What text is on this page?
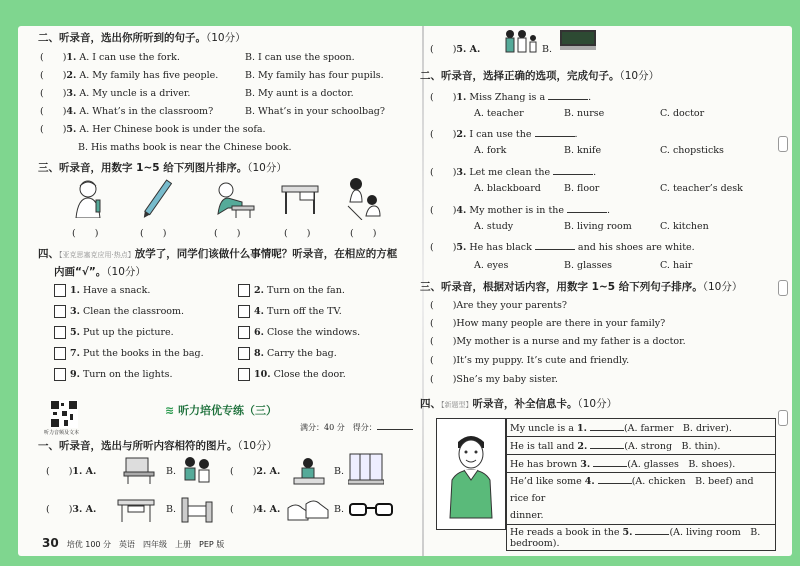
二、听录音，选出你所听到的句子。（10分）
(　　)1. A. I can use the fork.	B. I can use the spoon.
(　　)2. A. My family has five people.	B. My family has four pupils.
(　　)3. A. My uncle is a driver.	B. My aunt is a doctor.
(　　)4. A. What’s in the classroom?	B. What’s in your schoolbag?
(　　)5. A. Her Chinese book is under the sofa.
B. His maths book is near the Chinese book.
三、听录音，用数字 1~5 给下列图片排序。（10分）
(　　)	(　　)	(　　)	(　　)	(　　)
四、【亚克思塞克应用·热点】放学了，同学们该做什么事情呢？听录音，在相应的方框
内画“√”。（10分）
1. Have a snack.	2. Turn on the fan.
3. Clean the classroom.	4. Turn off the TV.
5. Put up the picture.	6. Close the windows.
7. Put the books in the bag.	8. Carry the bag.
9. Turn on the lights.	10. Close the door.
听力音频及文本
≋ 听力培优专练（三）
满分：40 分　得分：
一、听录音，选出与所听内容相符的图片。（10分）
(　　)1. A.	B.	(　　)2. A.	B.
(　　)3. A.	B.	(　　)4. A.	B.
30 培优 100 分　英语　四年级　上册　PEP 版
(　　)5. A.	B.
二、听录音，选择正确的选项，完成句子。（10分）
(　　)1. Miss Zhang is a	.
A. teacher	B. nurse	C. doctor
(　　)2. I can use the	.
A. fork	B. knife	C. chopsticks
(　　)3. Let me clean the	.
A. blackboard B. floor	C. teacher’s desk
(　　)4. My mother is in the	.
A. study	B. living room	C. kitchen
(　　)5. He has black	and his shoes are white.
A. eyes	B. glasses	C. hair
三、听录音，根据对话内容，用数字 1~5 给下列句子排序。（10分）
(　　)Are they your parents?
(　　)How many people are there in your family?
(　　)My mother is a nurse and my father is a doctor.
(　　)It’s my puppy. It’s cute and friendly.
(　　)She’s my baby sister.
四、【新题型】听录音，补全信息卡。（10分）
My uncle is a 1.	(A. farmer　B. driver).
He is tall and 2.	(A. strong　B. thin).
He has brown 3.	(A. glasses　B. shoes).
He’d like some 4.	(A. chicken　B. beef) and rice for
dinner.
He reads a book in the 5.	(A. living room　B. bedroom).
